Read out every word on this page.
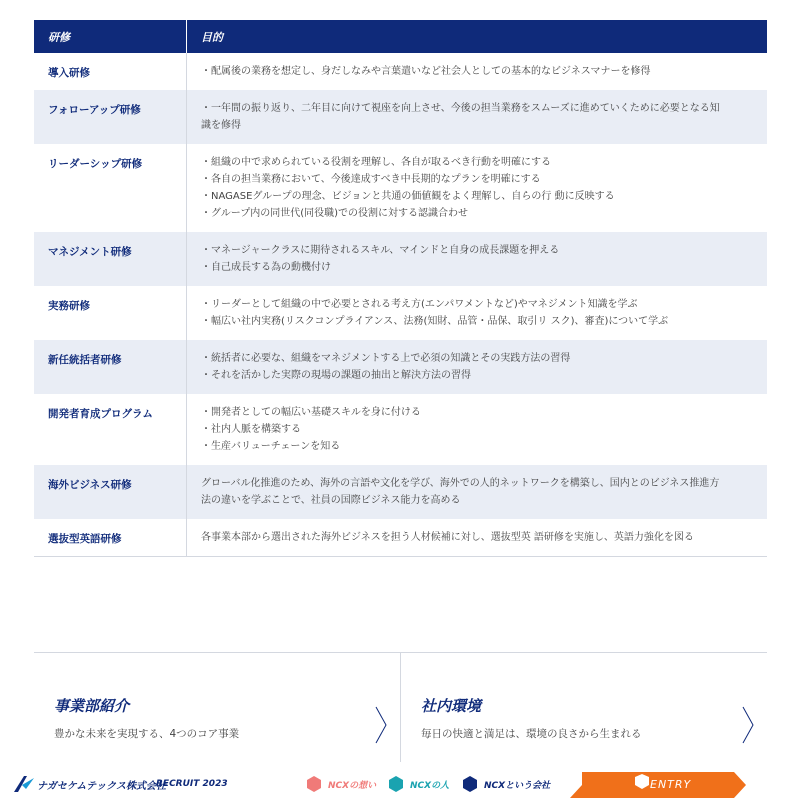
研修	目的
導入研修	・配属後の業務を想定し、身だしなみや言葉遣いなど社会人としての基本的なビジネスマナーを修得
フォローアップ研修	・一年間の振り返り、二年目に向けて視座を向上させ、今後の担当業務をスムーズに進めていくために必要となる知
識を修得
リーダーシップ研修	・組織の中で求められている役割を理解し、各自が取るべき行動を明確にする
・各自の担当業務において、今後達成すべき中長期的なプランを明確にする
・NAGASEグループの理念、ビジョンと共通の価値観をよく理解し、自らの行 動に反映する
・グループ内の同世代(同役職)での役割に対する認識合わせ
マネジメント研修	・マネージャークラスに期待されるスキル、マインドと自身の成長課題を押える
・自己成長する為の動機付け
実務研修	・リーダーとして組織の中で必要とされる考え方(エンパワメントなど)やマネジメント知識を学ぶ
・幅広い社内実務(リスクコンプライアンス、法務(知財、品管・品保、取引リ スク)、審査)について学ぶ
新任統括者研修	・統括者に必要な、組織をマネジメントする上で必須の知識とその実践方法の習得
・それを活かした実際の現場の課題の抽出と解決方法の習得
開発者育成プログラム	・開発者としての幅広い基礎スキルを身に付ける
・社内人脈を構築する
・生産バリューチェーンを知る
海外ビジネス研修	グローバル化推進のため、海外の言語や文化を学び、海外での人的ネットワークを構築し、国内とのビジネス推進方
法の違いを学ぶことで、社員の国際ビジネス能力を高める
選抜型英語研修	各事業本部から選出された海外ビジネスを担う人材候補に対し、選抜型英 語研修を実施し、英語力強化を図る
事業部紹介
豊かな未来を実現する、4つのコア事業
社内環境
毎日の快適と満足は、環境の良さから生まれる
ナガセケムテックス株式会社
RECRUIT 2023	NCXの想い	NCXの人	NCXという会社	ENTRY
